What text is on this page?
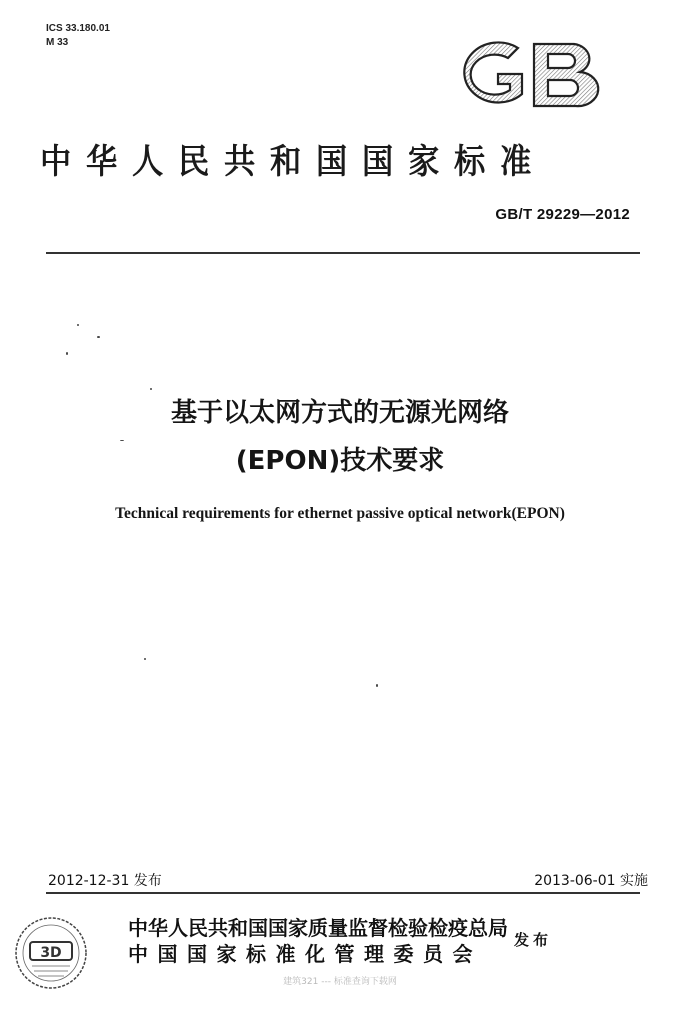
ICS 33.180.01
M 33
GB
中华人民共和国国家标准
GB/T 29229—2012
基于以太网方式的无源光网络
(EPON)技术要求
Technical requirements for ethernet passive optical network(EPON)
2012-12-31 发布	2013-06-01 实施
3D
中华人民共和国国家质量监督检验检疫总局
中国国家标准化管理委员会
发布
建筑321 --- 标准查询下载网
